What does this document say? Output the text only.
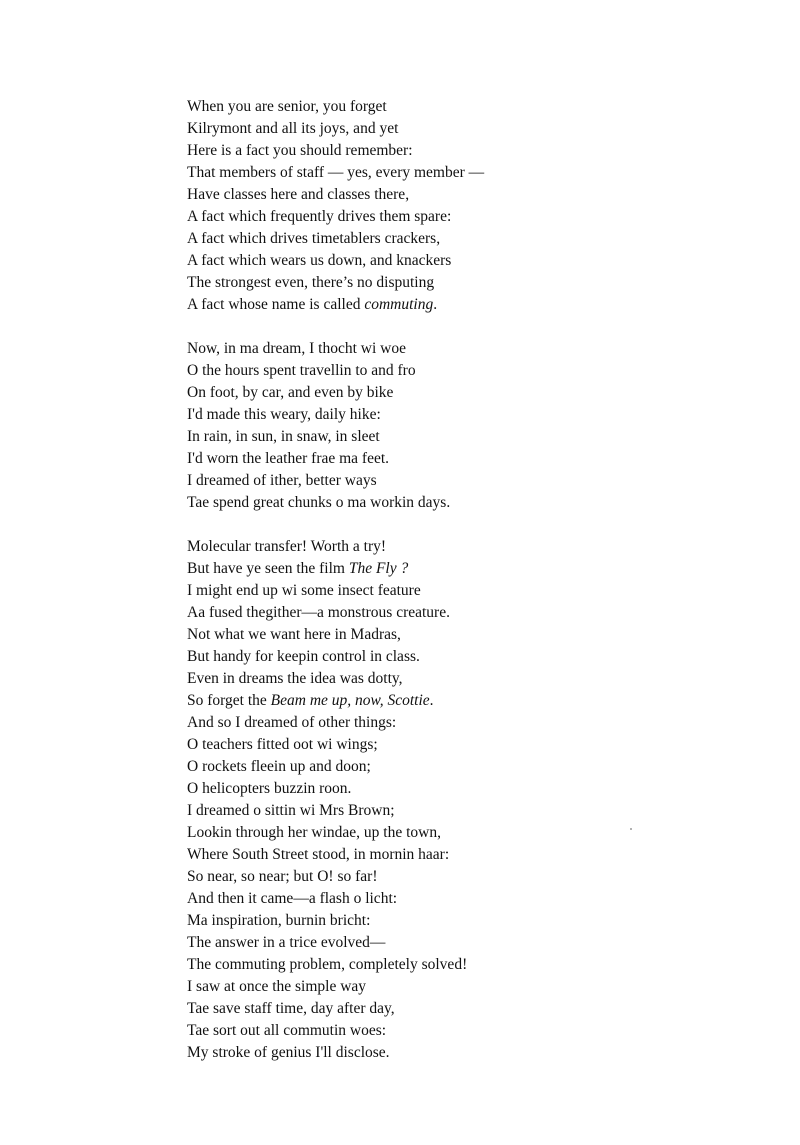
When you are senior, you forget
Kilrymont and all its joys, and yet
Here is a fact you should remember:
That members of staff — yes, every member —
Have classes here and classes there,
A fact which frequently drives them spare:
A fact which drives timetablers crackers,
A fact which wears us down, and knackers
The strongest even, there’s no disputing
A fact whose name is called commuting.
Now, in ma dream, I thocht wi woe
O the hours spent travellin to and fro
On foot, by car, and even by bike
I'd made this weary, daily hike:
In rain, in sun, in snaw, in sleet
I'd worn the leather frae ma feet.
I dreamed of ither, better ways
Tae spend great chunks o ma workin days.
Molecular transfer! Worth a try!
But have ye seen the film The Fly ?
I might end up wi some insect feature
Aa fused thegither—a monstrous creature.
Not what we want here in Madras,
But handy for keepin control in class.
Even in dreams the idea was dotty,
So forget the Beam me up, now, Scottie.
And so I dreamed of other things:
O teachers fitted oot wi wings;
O rockets fleein up and doon;
O helicopters buzzin roon.
I dreamed o sittin wi Mrs Brown;
Lookin through her windae, up the town,
Where South Street stood, in mornin haar:
So near, so near; but O! so far!
And then it came—a flash o licht:
Ma inspiration, burnin bricht:
The answer in a trice evolved—
The commuting problem, completely solved!
I saw at once the simple way
Tae save staff time, day after day,
Tae sort out all commutin woes:
My stroke of genius I'll disclose.
